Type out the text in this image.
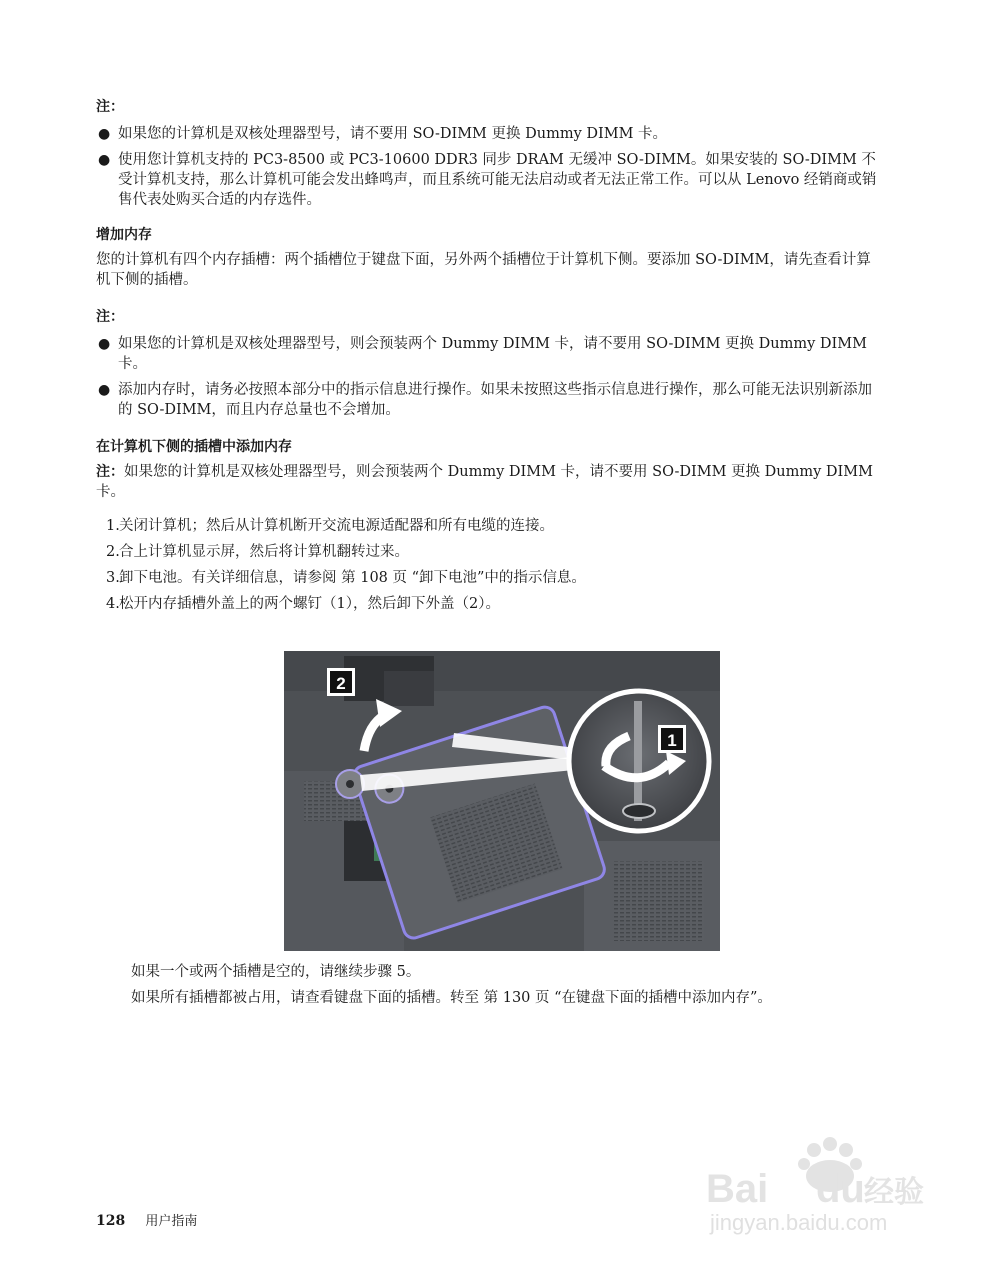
注：
● 如果您的计算机是双核处理器型号，请不要用 SO-DIMM 更换 Dummy DIMM 卡。
● 使用您计算机支持的 PC3-8500 或 PC3-10600 DDR3 同步 DRAM 无缓冲 SO-DIMM。如果安装的 SO-DIMM 不受计算机支持，那么计算机可能会发出蜂鸣声，而且系统可能无法启动或者无法正常工作。可以从 Lenovo 经销商或销售代表处购买合适的内存选件。
增加内存

您的计算机有四个内存插槽：两个插槽位于键盘下面，另外两个插槽位于计算机下侧。要添加 SO-DIMM，请先查看计算机下侧的插槽。

注：
● 如果您的计算机是双核处理器型号，则会预装两个 Dummy DIMM 卡，请不要用 SO-DIMM 更换 Dummy DIMM 卡。
● 添加内存时，请务必按照本部分中的指示信息进行操作。如果未按照这些指示信息进行操作，那么可能无法识别新添加的 SO-DIMM，而且内存总量也不会增加。
在计算机下侧的插槽中添加内存

注：如果您的计算机是双核处理器型号，则会预装两个 Dummy DIMM 卡，请不要用 SO-DIMM 更换 Dummy DIMM 卡。

1. 关闭计算机；然后从计算机断开交流电源适配器和所有电缆的连接。
2. 合上计算机显示屏，然后将计算机翻转过来。
3. 卸下电池。有关详细信息，请参阅 第 108 页 “卸下电池”中的指示信息。
4. 松开内存插槽外盖上的两个螺钉（1），然后卸下外盖（2）。
1
2

如果一个或两个插槽是空的，请继续步骤 5。

如果所有插槽都被占用，请查看键盘下面的插槽。转至 第 130 页 “在键盘下面的插槽中添加内存”。

128 用户指南
Bai du 经验
jingyan.baidu.com
